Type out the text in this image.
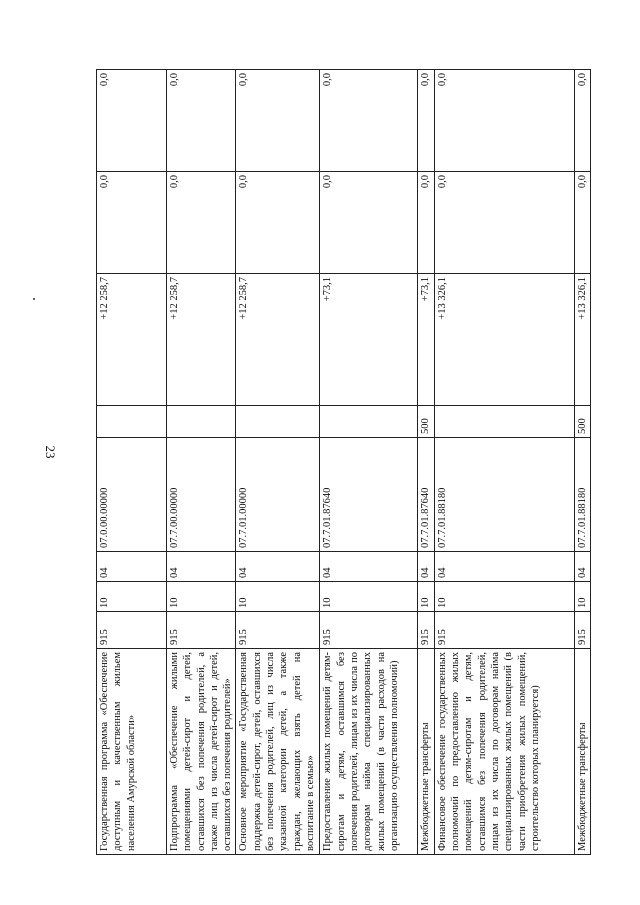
23
Государственная программа «Обеспечение доступным и качественным жильем населения Амурской области»	915	10	04	07.0.00.00000		+12 258,7	0,0	0,0
Подпрограмма «Обеспечение жилыми помещениями детей-сирот и детей, оставшихся без попечения родителей, а также лиц из числа детей-сирот и детей, оставшихся без попечения родителей»	915	10	04	07.7.00.00000		+12 258,7	0,0	0,0
Основное мероприятие «Государственная поддержка детей-сирот, детей, оставшихся без попечения родителей, лиц из числа указанной категории детей, а также граждан, желающих взять детей на воспитание в семью»	915	10	04	07.7.01.00000		+12 258,7	0,0	0,0
Предоставление жилых помещений детям-сиротам и детям, оставшимся без попечения родителей, лицам из их числа по договорам найма специализированных жилых помещений (в части расходов на организацию осуществления полномочий)	915	10	04	07.7.01.87640		+73,1	0,0	0,0
Межбюджетные трансферты	915	10	04	07.7.01.87640	500	+73,1	0,0	0,0
Финансовое обеспечение государственных полномочий по предоставлению жилых помещений детям-сиротам и детям, оставшимся без попечения родителей, лицам из их числа по договорам найма специализированных жилых помещений (в части приобретения жилых помещений, строительство которых планируется)	915	10	04	07.7.01.88180		+13 326,1	0,0	0,0
Межбюджетные трансферты	915	10	04	07.7.01.88180	500	+13 326,1	0,0	0,0
